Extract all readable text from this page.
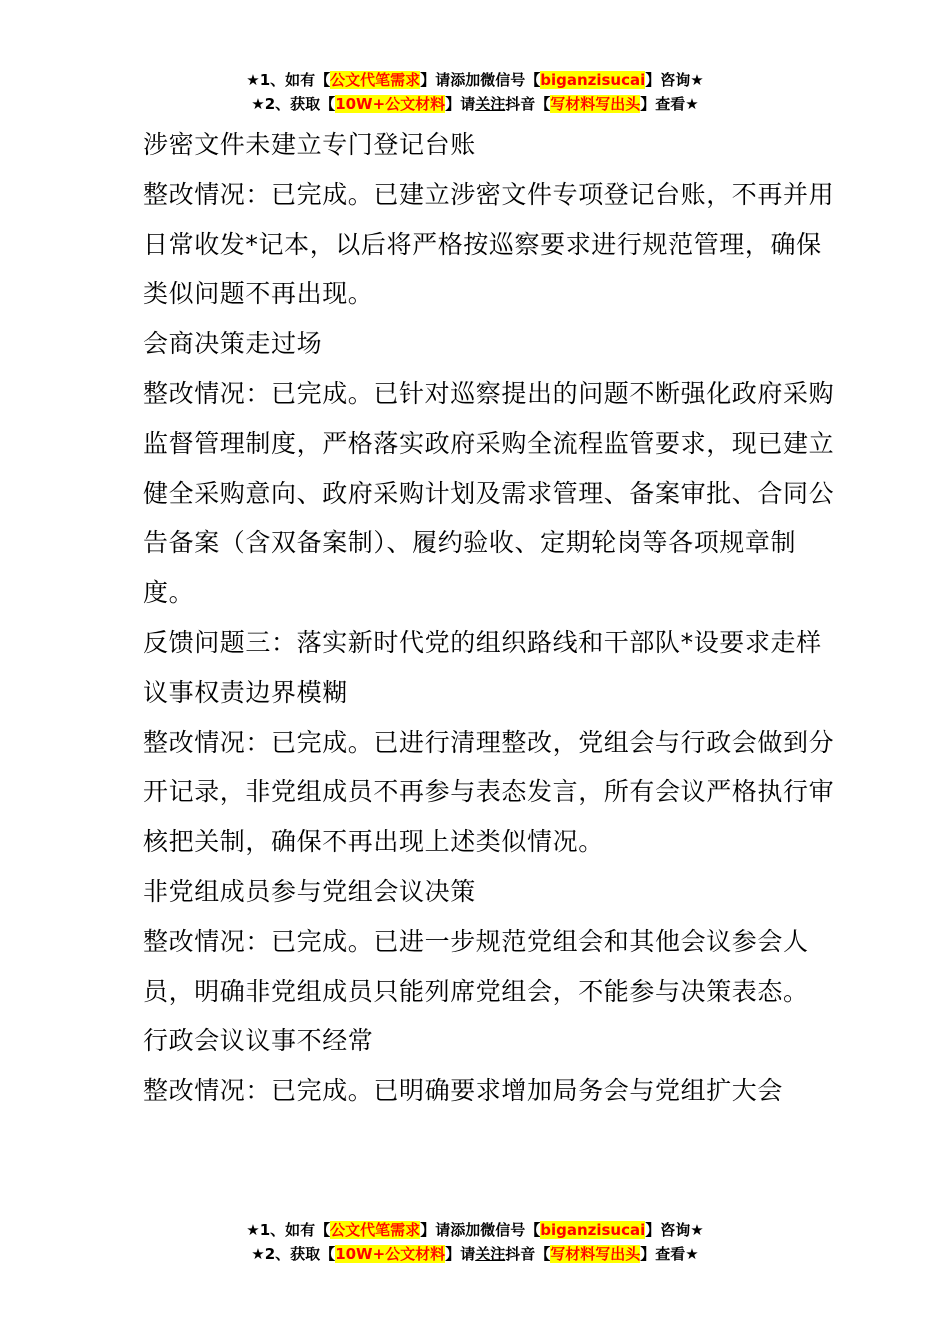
★1、如有【公文代笔需求】请添加微信号【biganzisucai】咨询★
★2、获取【10W+公文材料】请关注抖音【写材料写出头】查看★

涉密文件未建立专门登记台账

整改情况：已完成。已建立涉密文件专项登记台账，不再并用日常收发*记本，以后将严格按巡察要求进行规范管理，确保类似问题不再出现。

会商决策走过场

整改情况：已完成。已针对巡察提出的问题不断强化政府采购监督管理制度，严格落实政府采购全流程监管要求，现已建立健全采购意向、政府采购计划及需求管理、备案审批、合同公告备案（含双备案制）、履约验收、定期轮岗等各项规章制度。

反馈问题三：落实新时代党的组织路线和干部队*设要求走样

议事权责边界模糊

整改情况：已完成。已进行清理整改，党组会与行政会做到分开记录，非党组成员不再参与表态发言，所有会议严格执行审核把关制，确保不再出现上述类似情况。

非党组成员参与党组会议决策

整改情况：已完成。已进一步规范党组会和其他会议参会人员，明确非党组成员只能列席党组会，不能参与决策表态。

行政会议议事不经常

整改情况：已完成。已明确要求增加局务会与党组扩大会

★1、如有【公文代笔需求】请添加微信号【biganzisucai】咨询★
★2、获取【10W+公文材料】请关注抖音【写材料写出头】查看★
